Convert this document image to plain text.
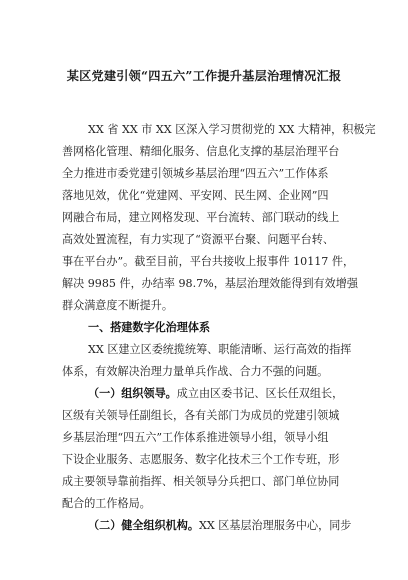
某区党建引领“四五六”工作提升基层治理情况汇报
XX 省 XX 市 XX 区深入学习贯彻党的 XX 大精神，积极完
善网格化管理、精细化服务、信息化支撑的基层治理平台
全力推进市委党建引领城乡基层治理“四五六”工作体系
落地见效，优化“党建网、平安网、民生网、企业网”四
网融合布局，建立网格发现、平台流转、部门联动的线上
高效处置流程，有力实现了“资源平台聚、问题平台转、
事在平台办”。截至目前，平台共接收上报事件 10117 件，
解决 9985 件，办结率 98.7%，基层治理效能得到有效增强
群众满意度不断提升。
一、搭建数字化治理体系
XX 区建立区委统揽统筹、职能清晰、运行高效的指挥
体系，有效解决治理力量单兵作战、合力不强的问题。
（一）组织领导。成立由区委书记、区长任双组长，
区级有关领导任副组长，各有关部门为成员的党建引领城
乡基层治理“四五六”工作体系推进领导小组，领导小组
下设企业服务、志愿服务、数字化技术三个工作专班，形
成主要领导靠前指挥、相关领导分兵把口、部门单位协同
配合的工作格局。
（二）健全组织机构。XX 区基层治理服务中心，同步
